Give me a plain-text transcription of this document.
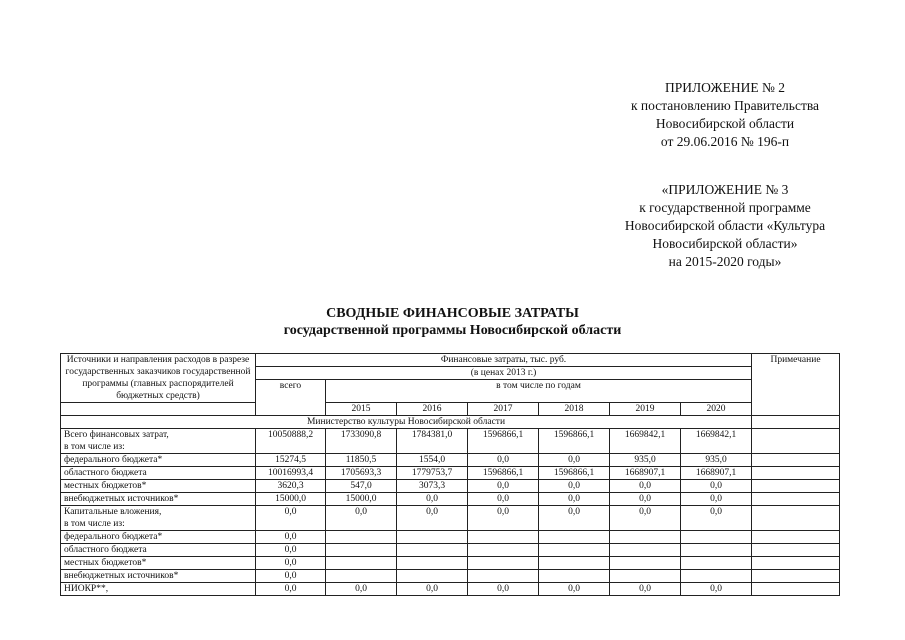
ПРИЛОЖЕНИЕ № 2
к постановлению Правительства
Новосибирской области
от 29.06.2016 № 196-п
«ПРИЛОЖЕНИЕ № 3
к государственной программе
Новосибирской области «Культура
Новосибирской области»
на 2015-2020 годы»
СВОДНЫЕ ФИНАНСОВЫЕ ЗАТРАТЫ
государственной программы Новосибирской области
Источники и направления расходов в разрезе государственных заказчиков государственной программы (главных распорядителей бюджетных средств)	Финансовые затраты, тыс. руб.							Примечание
	(в ценах 2013 г.)							
	всего	в том числе по годам						
		2015	2016	2017	2018	2019	2020	
Министерство культуры Новосибирской области								

Всего финансовых затрат,
в том числе из:	10050888,2	1733090,8	1784381,0	1596866,1	1596866,1	1669842,1	1669842,1	

федерального бюджета*	15274,5	11850,5	1554,0	0,0	0,0	935,0	935,0	

областного бюджета	10016993,4	1705693,3	1779753,7	1596866,1	1596866,1	1668907,1	1668907,1	

местных бюджетов*	3620,3	547,0	3073,3	0,0	0,0	0,0	0,0	

внебюджетных источников*	15000,0	15000,0	0,0	0,0	0,0	0,0	0,0	

Капитальные вложения,
в том числе из:	0,0	0,0	0,0	0,0	0,0	0,0	0,0	

федерального бюджета*	0,0							

областного бюджета	0,0							

местных бюджетов*	0,0							

внебюджетных источников*	0,0							

НИОКР**,	0,0	0,0	0,0	0,0	0,0	0,0	0,0	
